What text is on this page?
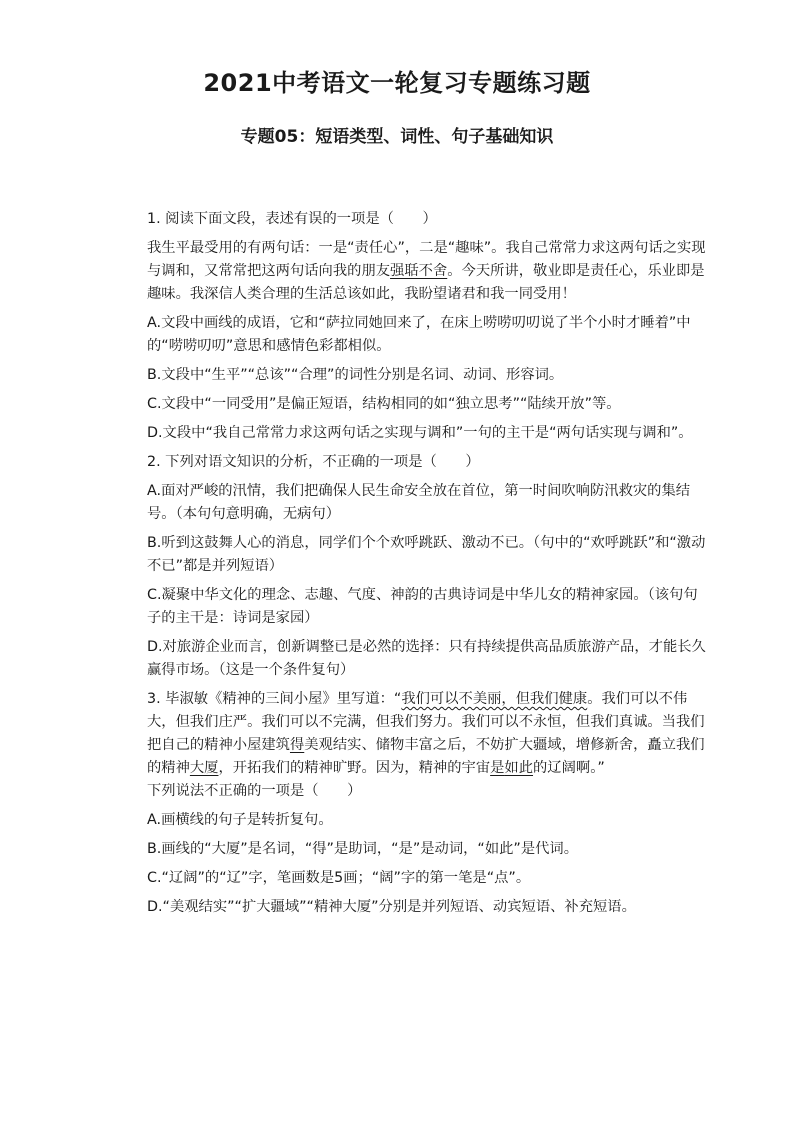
2021中考语文一轮复习专题练习题
专题05：短语类型、词性、句子基础知识

1. 阅读下面文段，表述有误的一项是（　　）

我生平最受用的有两句话：一是“责任心”，二是“趣味”。我自己常常力求这两句话之实现与调和，又常常把这两句话向我的朋友强聒不舍。今天所讲，敬业即是责任心，乐业即是趣味。我深信人类合理的生活总该如此，我盼望诸君和我一同受用！

A.文段中画线的成语，它和“萨拉同她回来了，在床上唠唠叨叨说了半个小时才睡着”中的“唠唠叨叨”意思和感情色彩都相似。

B.文段中“生平”“总该”“合理”的词性分别是名词、动词、形容词。

C.文段中“一同受用”是偏正短语，结构相同的如“独立思考”“陆续开放”等。

D.文段中“我自己常常力求这两句话之实现与调和”一句的主干是“两句话实现与调和”。

2. 下列对语文知识的分析，不正确的一项是（　　）

A.面对严峻的汛情，我们把确保人民生命安全放在首位，第一时间吹响防汛救灾的集结号。（本句句意明确，无病句）

B.听到这鼓舞人心的消息，同学们个个欢呼跳跃、激动不已。（句中的“欢呼跳跃”和“激动不已”都是并列短语）

C.凝聚中华文化的理念、志趣、气度、神韵的古典诗词是中华儿女的精神家园。（该句句子的主干是：诗词是家园）

D.对旅游企业而言，创新调整已是必然的选择：只有持续提供高品质旅游产品，才能长久赢得市场。（这是一个条件复句）

3. 毕淑敏《精神的三间小屋》里写道：“我们可以不美丽，但我们健康。我们可以不伟大，但我们庄严。我们可以不完满，但我们努力。我们可以不永恒，但我们真诚。当我们把自己的精神小屋建筑得美观结实、储物丰富之后，不妨扩大疆域，增修新舍，矗立我们的精神大厦，开拓我们的精神旷野。因为，精神的宇宙是如此的辽阔啊。”

下列说法不正确的一项是（　　）

A.画横线的句子是转折复句。

B.画线的“大厦”是名词，“得”是助词，“是”是动词，“如此”是代词。

C.“辽阔”的“辽”字，笔画数是5画；“阔”字的第一笔是“点”。

D.“美观结实”“扩大疆域”“精神大厦”分别是并列短语、动宾短语、补充短语。
